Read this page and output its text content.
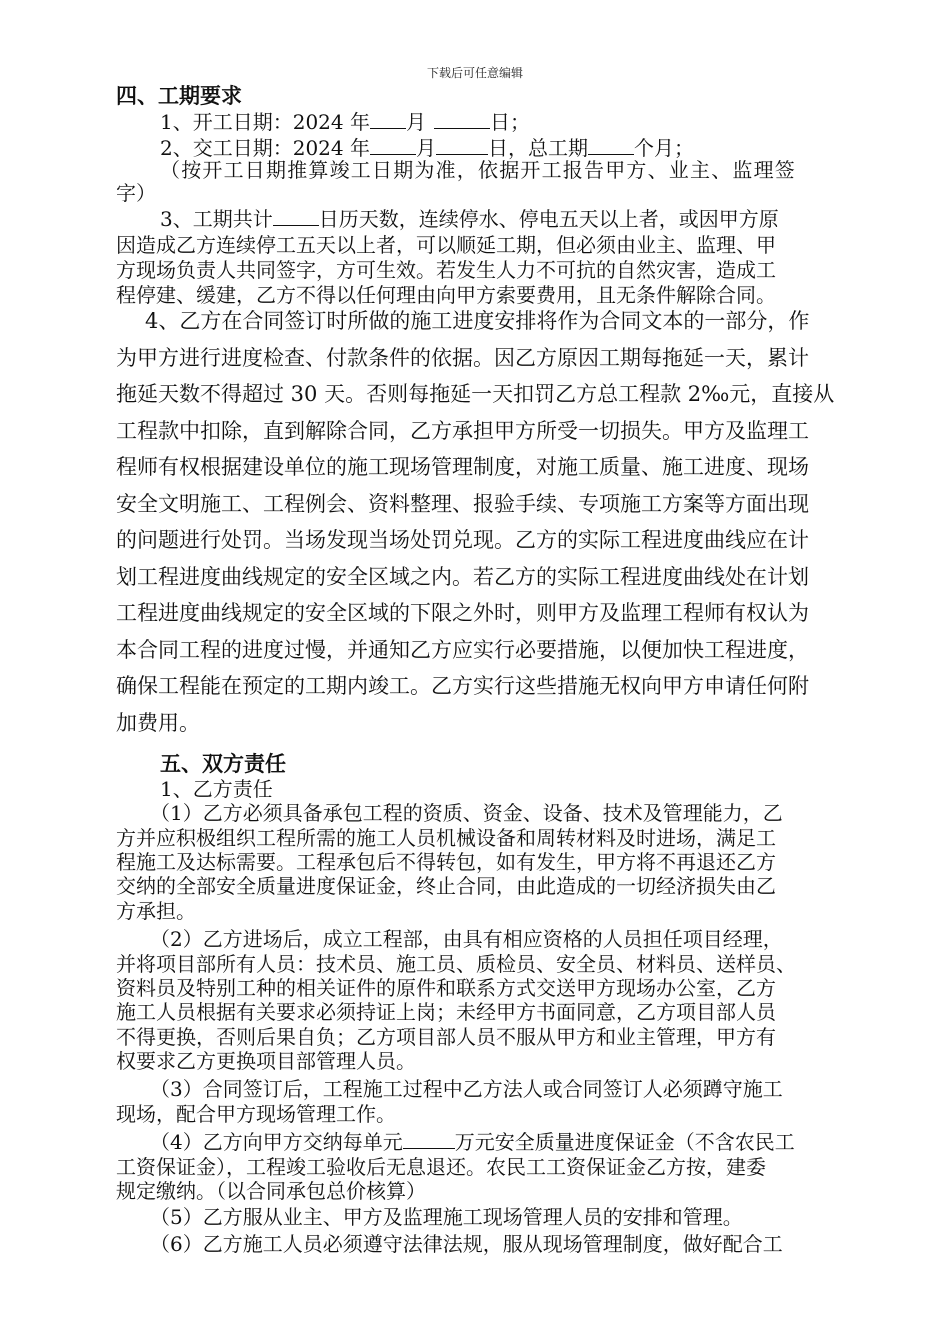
下载后可任意编辑
四、工期要求
1、开工日期：2024 年 月	日；
2、交工日期：2024 年 月	日，总工期 个月；
（按开工日期推算竣工日期为准，依据开工报告甲方、业主、监理签
字）
3、工期共计 日历天数，连续停水、停电五天以上者，或因甲方原
因造成乙方连续停工五天以上者，可以顺延工期，但必须由业主、监理、甲
方现场负责人共同签字，方可生效。若发生人力不可抗的自然灾害，造成工
程停建、缓建，乙方不得以任何理由向甲方索要费用，且无条件解除合同。
4、乙方在合同签订时所做的施工进度安排将作为合同文本的一部分，作
为甲方进行进度检查、付款条件的依据。因乙方原因工期每拖延一天，累计
拖延天数不得超过 30 天。否则每拖延一天扣罚乙方总工程款 2‰元，直接从
工程款中扣除，直到解除合同，乙方承担甲方所受一切损失。甲方及监理工
程师有权根据建设单位的施工现场管理制度，对施工质量、施工进度、现场
安全文明施工、工程例会、资料整理、报验手续、专项施工方案等方面出现
的问题进行处罚。当场发现当场处罚兑现。乙方的实际工程进度曲线应在计
划工程进度曲线规定的安全区域之内。若乙方的实际工程进度曲线处在计划
工程进度曲线规定的安全区域的下限之外时，则甲方及监理工程师有权认为
本合同工程的进度过慢，并通知乙方应实行必要措施，以便加快工程进度，
确保工程能在预定的工期内竣工。乙方实行这些措施无权向甲方申请任何附
加费用。
五、双方责任
1、乙方责任
（1）乙方必须具备承包工程的资质、资金、设备、技术及管理能力，乙
方并应积极组织工程所需的施工人员机械设备和周转材料及时进场，满足工
程施工及达标需要。工程承包后不得转包，如有发生，甲方将不再退还乙方
交纳的全部安全质量进度保证金，终止合同，由此造成的一切经济损失由乙
方承担。
（2）乙方进场后，成立工程部，由具有相应资格的人员担任项目经理，
并将项目部所有人员：技术员、施工员、质检员、安全员、材料员、送样员、
资料员及特别工种的相关证件的原件和联系方式交送甲方现场办公室，乙方
施工人员根据有关要求必须持证上岗；未经甲方书面同意，乙方项目部人员
不得更换，否则后果自负；乙方项目部人员不服从甲方和业主管理，甲方有
权要求乙方更换项目部管理人员。
（3）合同签订后，工程施工过程中乙方法人或合同签订人必须蹲守施工
现场，配合甲方现场管理工作。
（4）乙方向甲方交纳每单元	万元安全质量进度保证金（不含农民工
工资保证金），工程竣工验收后无息退还。农民工工资保证金乙方按，建委
规定缴纳。（以合同承包总价核算）
（5）乙方服从业主、甲方及监理施工现场管理人员的安排和管理。
（6）乙方施工人员必须遵守法律法规，服从现场管理制度，做好配合工
